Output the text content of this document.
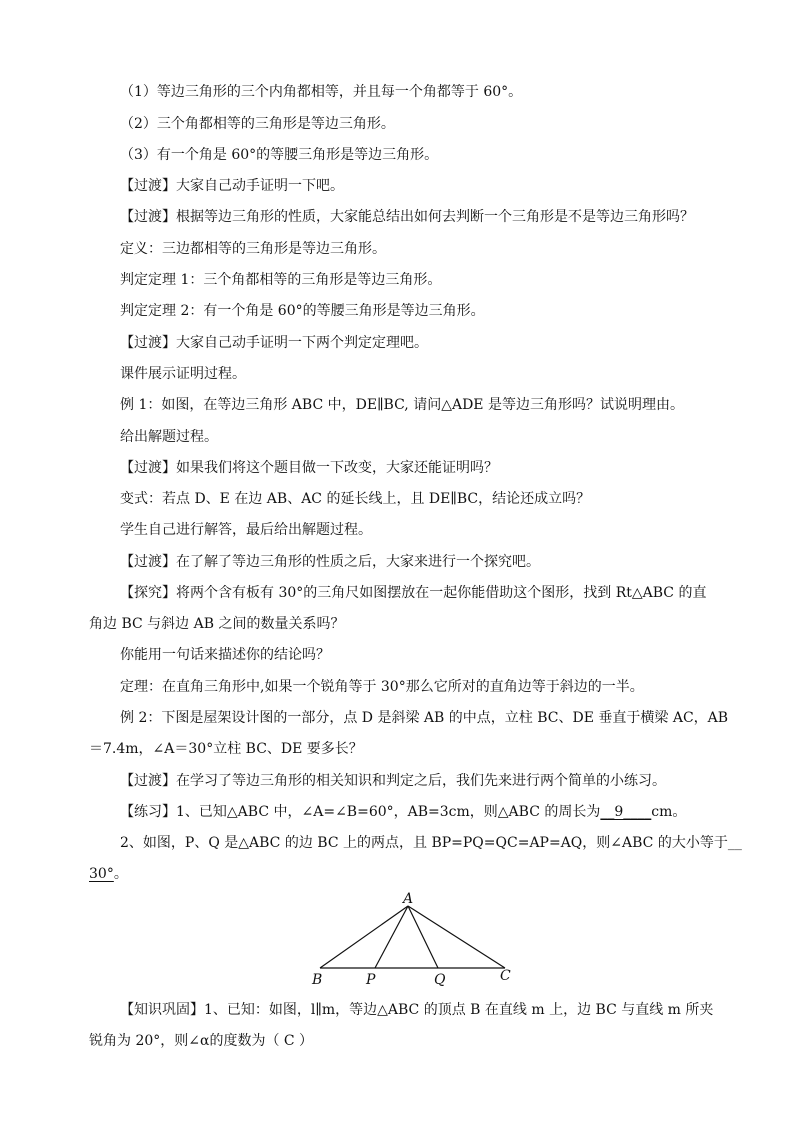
（1）等边三角形的三个内角都相等，并且每一个角都等于 60°。
（2）三个角都相等的三角形是等边三角形。
（3）有一个角是 60°的等腰三角形是等边三角形。
【过渡】大家自己动手证明一下吧。
【过渡】根据等边三角形的性质，大家能总结出如何去判断一个三角形是不是等边三角形吗？
定义：三边都相等的三角形是等边三角形。
判定定理 1：三个角都相等的三角形是等边三角形。
判定定理 2：有一个角是 60°的等腰三角形是等边三角形。
【过渡】大家自己动手证明一下两个判定定理吧。
课件展示证明过程。
例 1：如图，在等边三角形 ABC 中，DE∥BC, 请问△ADE 是等边三角形吗？试说明理由。
给出解题过程。
【过渡】如果我们将这个题目做一下改变，大家还能证明吗？
变式：若点 D、E 在边 AB、AC 的延长线上，且 DE∥BC，结论还成立吗？
学生自己进行解答，最后给出解题过程。
【过渡】在了解了等边三角形的性质之后，大家来进行一个探究吧。
【探究】将两个含有板有 30°的三角尺如图摆放在一起你能借助这个图形，找到 Rt△ABC 的直
角边 BC 与斜边 AB 之间的数量关系吗？
你能用一句话来描述你的结论吗？
定理：在直角三角形中,如果一个锐角等于 30°那么它所对的直角边等于斜边的一半。
例 2：下图是屋架设计图的一部分，点 D 是斜梁 AB 的中点，立柱 BC、DE 垂直于横梁 AC，AB
＝7.4m，∠A＝30°立柱 BC、DE 要多长？
【过渡】在学习了等边三角形的相关知识和判定之后，我们先来进行两个简单的小练习。
【练习】1、已知△ABC 中，∠A=∠B=60°，AB=3cm，则△ABC 的周长为__9____cm。
2、如图，P、Q 是△ABC 的边 BC 上的两点，且 BP=PQ=QC=AP=AQ，则∠ABC 的大小等于__
30°。
A
B	P	Q	C
【知识巩固】1、已知：如图，l∥m，等边△ABC 的顶点 B 在直线 m 上，边 BC 与直线 m 所夹
锐角为 20°，则∠α的度数为（ C ）
